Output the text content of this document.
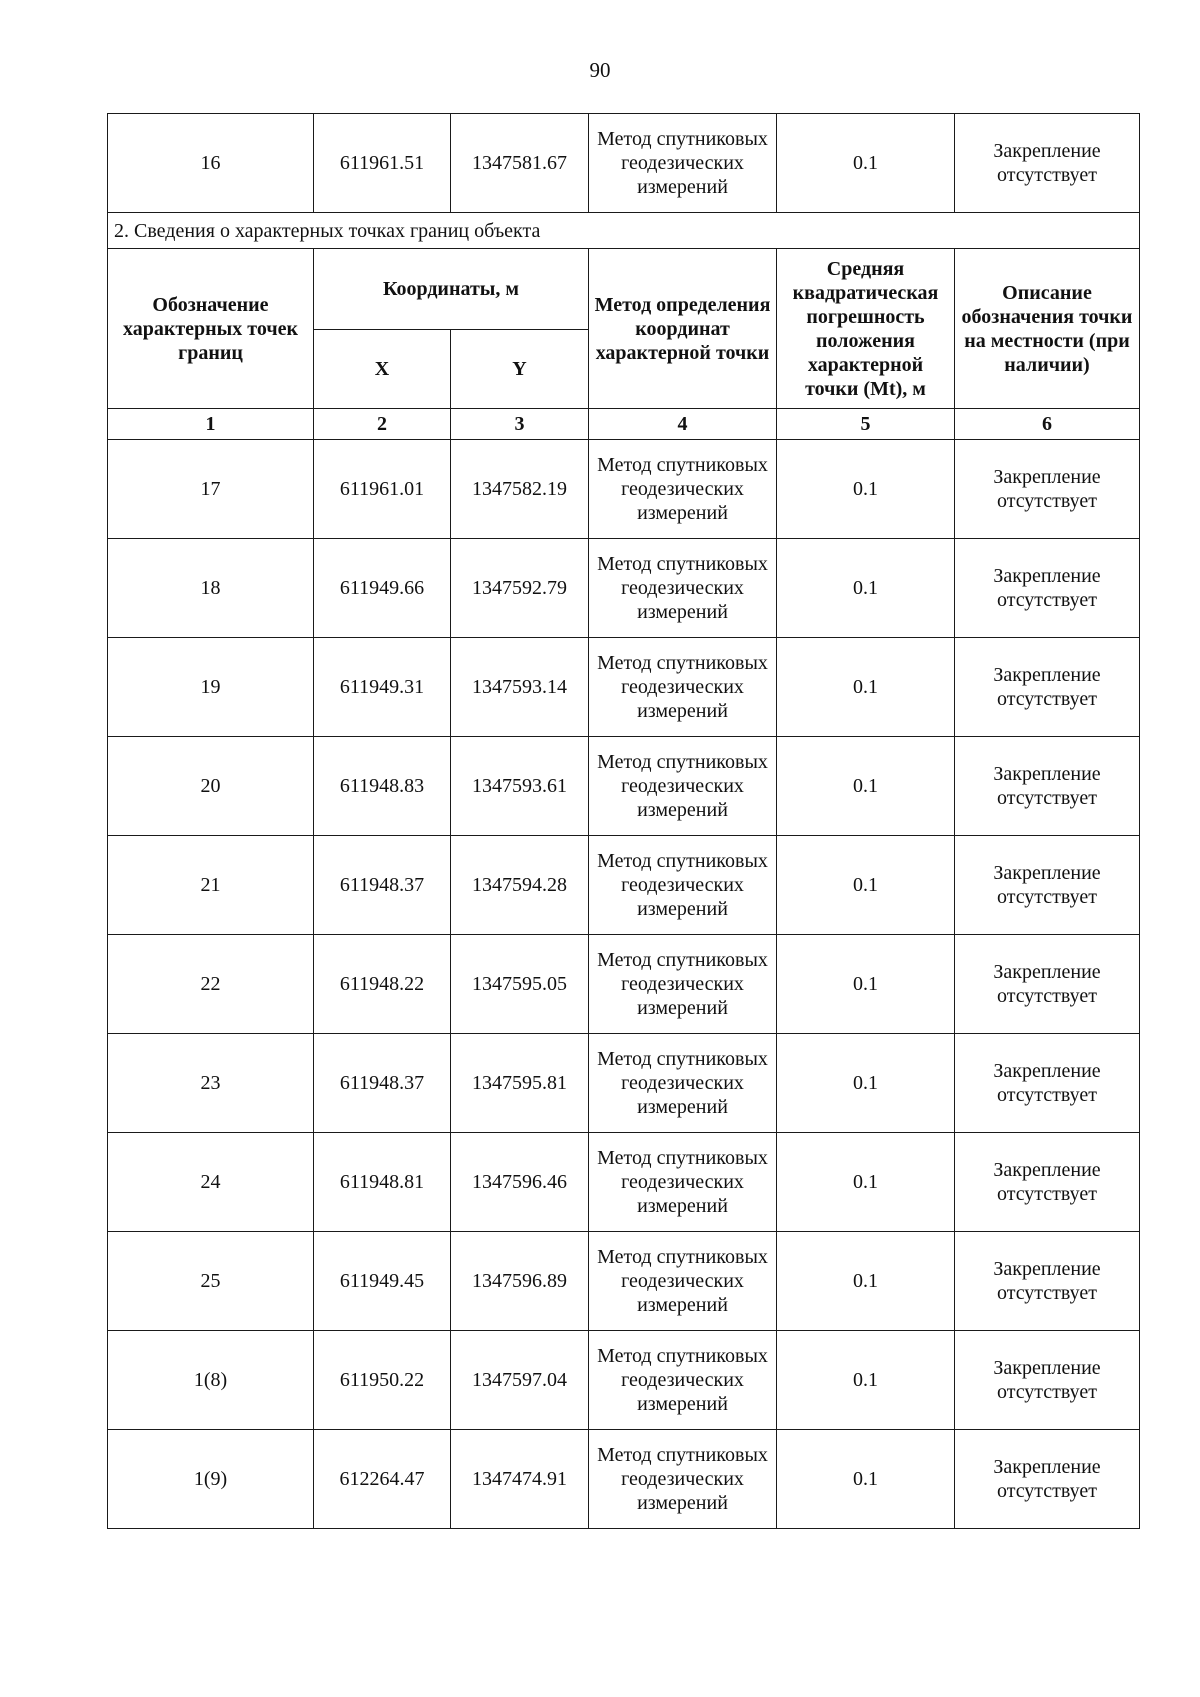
90
16	611961.51	1347581.67	Метод спутниковых геодезических измерений	0.1	Закрепление отсутствует
2. Сведения о характерных точках границ объекта					
Обозначение характерных точек границ	Координаты, м		Метод определения координат характерной точки	Средняя квадратическая погрешность положения характерной точки (Mt), м	Описание обозначения точки на местности (при наличии)
	X	Y			
1	2	3	4	5	6
17	611961.01	1347582.19	Метод спутниковых геодезических измерений	0.1	Закрепление отсутствует
18	611949.66	1347592.79	Метод спутниковых геодезических измерений	0.1	Закрепление отсутствует
19	611949.31	1347593.14	Метод спутниковых геодезических измерений	0.1	Закрепление отсутствует
20	611948.83	1347593.61	Метод спутниковых геодезических измерений	0.1	Закрепление отсутствует
21	611948.37	1347594.28	Метод спутниковых геодезических измерений	0.1	Закрепление отсутствует
22	611948.22	1347595.05	Метод спутниковых геодезических измерений	0.1	Закрепление отсутствует
23	611948.37	1347595.81	Метод спутниковых геодезических измерений	0.1	Закрепление отсутствует
24	611948.81	1347596.46	Метод спутниковых геодезических измерений	0.1	Закрепление отсутствует
25	611949.45	1347596.89	Метод спутниковых геодезических измерений	0.1	Закрепление отсутствует
1(8)	611950.22	1347597.04	Метод спутниковых геодезических измерений	0.1	Закрепление отсутствует
1(9)	612264.47	1347474.91	Метод спутниковых геодезических измерений	0.1	Закрепление отсутствует
